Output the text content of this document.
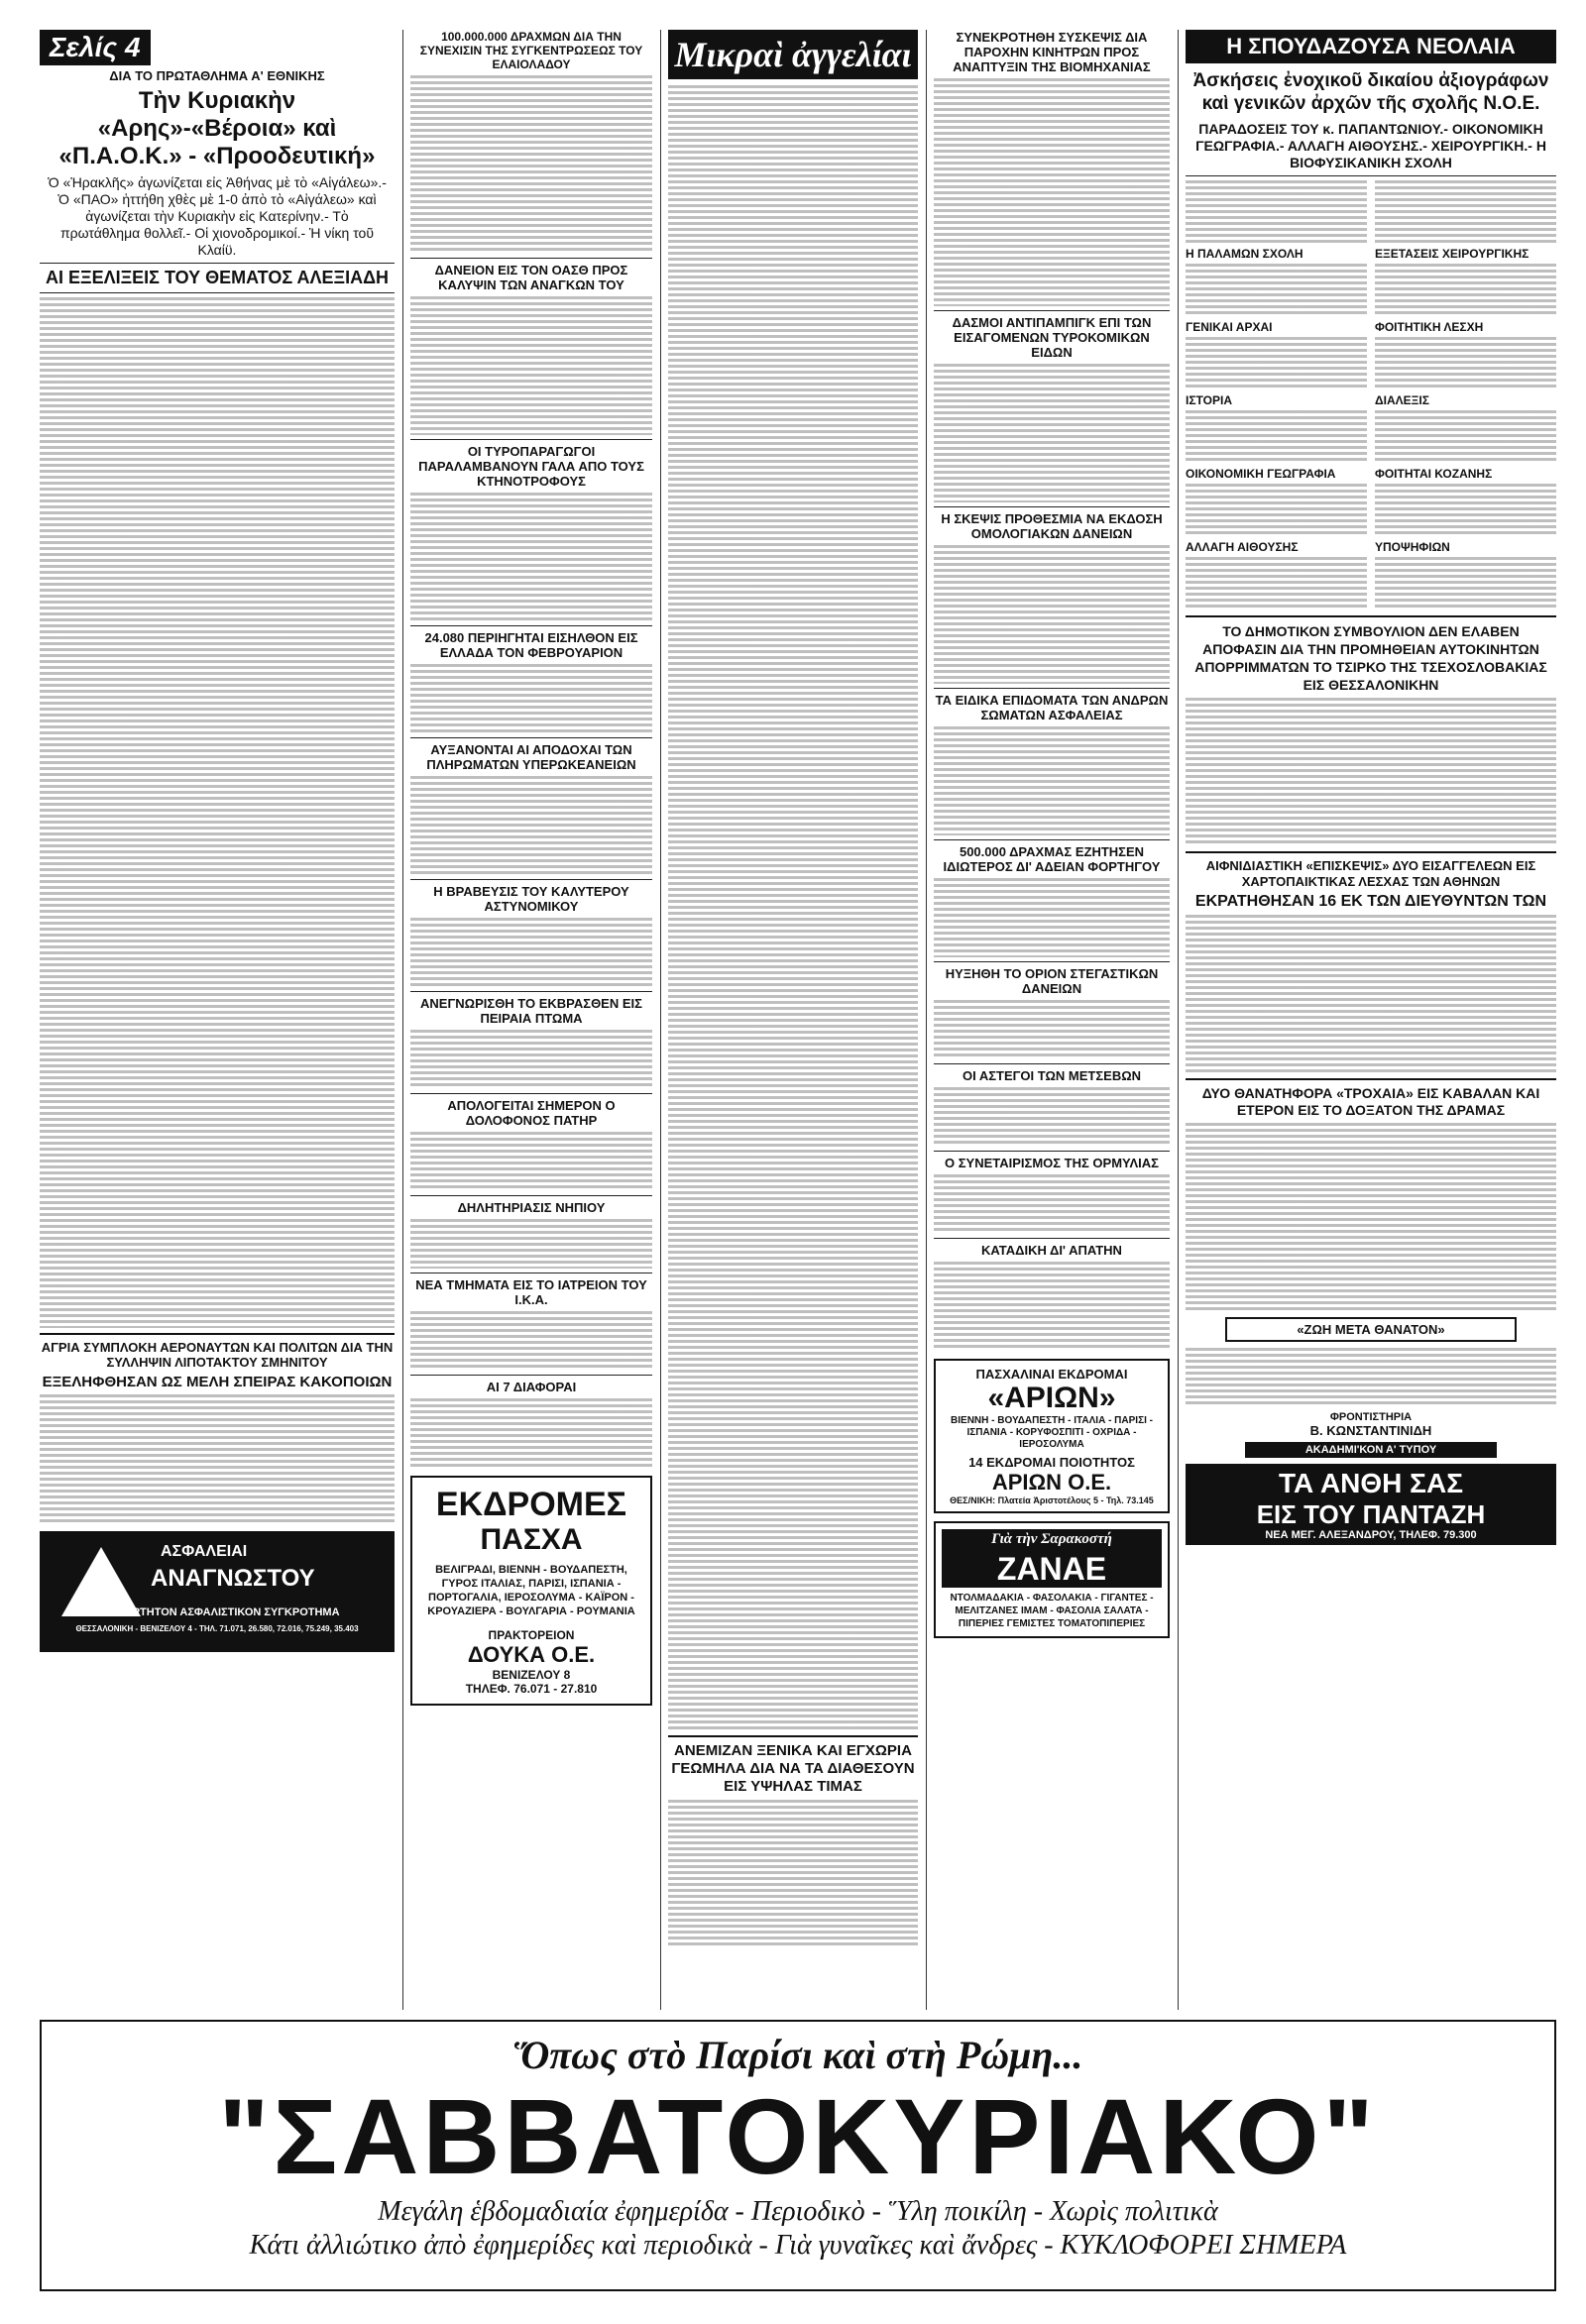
Σελίς 4
ΔΙΑ ΤΟ ΠΡΩΤΑΘΛΗΜΑ Α' ΕΘΝΙΚΗΣ
Τὴν Κυριακὴν «Αρης»-«Βέροια» καὶ «Π.Α.Ο.Κ.» - «Προοδευτική»
Ὁ «Ἡρακλῆς» ἀγωνίζεται εἰς Ἀθήνας μὲ τὸ «Αἰγάλεω».- Ὁ «ΠΑΟ» ἡττήθη χθὲς μὲ 1-0 ἀπὸ τὸ «Αἰγάλεω» καὶ ἀγωνίζεται τὴν Κυριακὴν εἰς Κατερίνην.- Τὸ πρωτάθλημα θολλεῖ.- Οἱ χιονοδρομικοί.- Ἡ νίκη τοῦ Κλαίϋ.
ΑΙ ΕΞΕΛΙΞΕΙΣ ΤΟΥ ΘΕΜΑΤΟΣ ΑΛΕΞΙΑΔΗ
ΑΓΡΙΑ ΣΥΜΠΛΟΚΗ ΑΕΡΟΝΑΥΤΩΝ ΚΑΙ ΠΟΛΙΤΩΝ ΔΙΑ ΤΗΝ ΣΥΛΛΗΨΙΝ ΛΙΠΟΤΑΚΤΟΥ ΣΜΗΝΙΤΟΥ
ΕΞΕΛΗΦΘΗΣΑΝ ΩΣ ΜΕΛΗ ΣΠΕΙΡΑΣ ΚΑΚΟΠΟΙΩΝ
ΑΣΦΑΛΕΙΑΙ
ΑΝΑΓΝΩΣΤΟΥ
ΑΝΕΞΑΡΤΗΤΟΝ ΑΣΦΑΛΙΣΤΙΚΟΝ ΣΥΓΚΡΟΤΗΜΑ
ΘΕΣΣΑΛΟΝΙΚΗ - ΒΕΝΙΖΕΛΟΥ 4 - ΤΗΛ. 71.071, 26.580, 72.016, 75.249, 35.403
100.000.000 ΔΡΑΧΜΩΝ ΔΙΑ ΤΗΝ ΣΥΝΕΧΙΣΙΝ ΤΗΣ ΣΥΓΚΕΝΤΡΩΣΕΩΣ ΤΟΥ ΕΛΑΙΟΛΑΔΟΥ
ΔΑΝΕΙΟΝ ΕΙΣ ΤΟΝ ΟΑΣΘ ΠΡΟΣ ΚΑΛΥΨΙΝ ΤΩΝ ΑΝΑΓΚΩΝ ΤΟΥ
ΟΙ ΤΥΡΟΠΑΡΑΓΩΓΟΙ ΠΑΡΑΛΑΜΒΑΝΟΥΝ ΓΑΛΑ ΑΠΟ ΤΟΥΣ ΚΤΗΝΟΤΡΟΦΟΥΣ
24.080 ΠΕΡΙΗΓΗΤΑΙ ΕΙΣΗΛΘΟΝ ΕΙΣ ΕΛΛΑΔΑ ΤΟΝ ΦΕΒΡΟΥΑΡΙΟΝ
ΑΥΞΑΝΟΝΤΑΙ ΑΙ ΑΠΟΔΟΧΑΙ ΤΩΝ ΠΛΗΡΩΜΑΤΩΝ ΥΠΕΡΩΚΕΑΝΕΙΩΝ
Η ΒΡΑΒΕΥΣΙΣ ΤΟΥ ΚΑΛΥΤΕΡΟΥ ΑΣΤΥΝΟΜΙΚΟΥ
ΑΝΕΓΝΩΡΙΣΘΗ ΤΟ ΕΚΒΡΑΣΘΕΝ ΕΙΣ ΠΕΙΡΑΙΑ ΠΤΩΜΑ
ΑΠΟΛΟΓΕΙΤΑΙ ΣΗΜΕΡΟΝ Ο ΔΟΛΟΦΟΝΟΣ ΠΑΤΗΡ
ΔΗΛΗΤΗΡΙΑΣΙΣ ΝΗΠΙΟΥ
ΝΕΑ ΤΜΗΜΑΤΑ ΕΙΣ ΤΟ ΙΑΤΡΕΙΟΝ ΤΟΥ Ι.Κ.Α.
ΑΙ 7 ΔΙΑΦΟΡΑΙ
ΕΚΔΡΟΜΕΣ
ΠΑΣΧΑ
ΒΕΛΙΓΡΑΔΙ, ΒΙΕΝΝΗ - ΒΟΥΔΑΠΕΣΤΗ, ΓΥΡΟΣ ΙΤΑΛΙΑΣ, ΠΑΡΙΣΙ, ΙΣΠΑΝΙΑ - ΠΟΡΤΟΓΑΛΙΑ, ΙΕΡΟΣΟΛΥΜΑ - ΚΑΪΡΟΝ - ΚΡΟΥΑΖΙΕΡΑ - ΒΟΥΛΓΑΡΙΑ - ΡΟΥΜΑΝΙΑ
ΠΡΑΚΤΟΡΕΙΟΝ
ΔΟΥΚΑ Ο.Ε.
ΒΕΝΙΖΕΛΟΥ 8
ΤΗΛΕΦ. 76.071 - 27.810
Μικραὶ ἀγγελίαι
ΑΝΕΜΙΖΑΝ ΞΕΝΙΚΑ ΚΑΙ ΕΓΧΩΡΙΑ ΓΕΩΜΗΛΑ ΔΙΑ ΝΑ ΤΑ ΔΙΑΘΕΣΟΥΝ ΕΙΣ ΥΨΗΛΑΣ ΤΙΜΑΣ
ΣΥΝΕΚΡΟΤΗΘΗ ΣΥΣΚΕΨΙΣ ΔΙΑ ΠΑΡΟΧΗΝ ΚΙΝΗΤΡΩΝ ΠΡΟΣ ΑΝΑΠΤΥΞΙΝ ΤΗΣ ΒΙΟΜΗΧΑΝΙΑΣ
ΔΑΣΜΟΙ ΑΝΤΙΠΑΜΠΙΓΚ ΕΠΙ ΤΩΝ ΕΙΣΑΓΟΜΕΝΩΝ ΤΥΡΟΚΟΜΙΚΩΝ ΕΙΔΩΝ
Η ΣΚΕΨΙΣ ΠΡΟΘΕΣΜΙΑ ΝΑ ΕΚΔΟΣΗ ΟΜΟΛΟΓΙΑΚΩΝ ΔΑΝΕΙΩΝ
ΤΑ ΕΙΔΙΚΑ ΕΠΙΔΟΜΑΤΑ ΤΩΝ ΑΝΔΡΩΝ ΣΩΜΑΤΩΝ ΑΣΦΑΛΕΙΑΣ
500.000 ΔΡΑΧΜΑΣ ΕΖΗΤΗΣΕΝ ΙΔΙΩΤΕΡΟΣ ΔΙ' ΑΔΕΙΑΝ ΦΟΡΤΗΓΟΥ
ΗΥΞΗΘΗ ΤΟ ΟΡΙΟΝ ΣΤΕΓΑΣΤΙΚΩΝ ΔΑΝΕΙΩΝ
ΟΙ ΑΣΤΕΓΟΙ ΤΩΝ ΜΕΤΣΕΒΩΝ
Ο ΣΥΝΕΤΑΙΡΙΣΜΟΣ ΤΗΣ ΟΡΜΥΛΙΑΣ
ΚΑΤΑΔΙΚΗ ΔΙ' ΑΠΑΤΗΝ
ΠΑΣΧΑΛΙΝΑΙ ΕΚΔΡΟΜΑΙ
«ΑΡΙΩΝ»
ΒΙΕΝΝΗ - ΒΟΥΔΑΠΕΣΤΗ - ΙΤΑΛΙΑ - ΠΑΡΙΣΙ - ΙΣΠΑΝΙΑ - ΚΟΡΥΦΟΣΠΙΤΙ - ΟΧΡΙΔΑ - ΙΕΡΟΣΟΛΥΜΑ
14 ΕΚΔΡΟΜΑΙ ΠΟΙΟΤΗΤΟΣ
ΑΡΙΩΝ Ο.Ε.
ΘΕΣ/ΝΙΚΗ: Πλατεία Ἀριστοτέλους 5 - Τηλ. 73.145
Γιὰ τὴν Σαρακοστή
ΖΑΝΑΕ
ΝΤΟΛΜΑΔΑΚΙΑ - ΦΑΣΟΛΑΚΙΑ - ΓΙΓΑΝΤΕΣ - ΜΕΛΙΤΖΑΝΕΣ ΙΜΑΜ - ΦΑΣΟΛΙΑ ΣΑΛΑΤΑ - ΠΙΠΕΡΙΕΣ ΓΕΜΙΣΤΕΣ ΤΟΜΑΤΟΠΙΠΕΡΙΕΣ
Η ΣΠΟΥΔΑΖΟΥΣΑ ΝΕΟΛΑΙΑ
Ἀσκήσεις ἐνοχικοῦ δικαίου ἀξιογράφων καὶ γενικῶν ἀρχῶν τῆς σχολῆς Ν.Ο.Ε.
ΠΑΡΑΔΟΣΕΙΣ ΤΟΥ κ. ΠΑΠΑΝΤΩΝΙΟΥ.- ΟΙΚΟΝΟΜΙΚΗ ΓΕΩΓΡΑΦΙΑ.- ΑΛΛΑΓΗ ΑΙΘΟΥΣΗΣ.- ΧΕΙΡΟΥΡΓΙΚΗ.- Η ΒΙΟΦΥΣΙΚΑΝΙΚΗ ΣΧΟΛΗ
Η ΠΑΛΑΜΩΝ ΣΧΟΛΗ
ΓΕΝΙΚΑΙ ΑΡΧΑΙ
ΙΣΤΟΡΙΑ
ΟΙΚΟΝΟΜΙΚΗ ΓΕΩΓΡΑΦΙΑ
ΑΛΛΑΓΗ ΑΙΘΟΥΣΗΣ
ΕΞΕΤΑΣΕΙΣ ΧΕΙΡΟΥΡΓΙΚΗΣ
ΦΟΙΤΗΤΙΚΗ ΛΕΣΧΗ
ΔΙΑΛΕΞΙΣ
ΦΟΙΤΗΤΑΙ ΚΟΖΑΝΗΣ
ΥΠΟΨΗΦΙΩΝ
ΤΟ ΔΗΜΟΤΙΚΟΝ ΣΥΜΒΟΥΛΙΟΝ ΔΕΝ ΕΛΑΒΕΝ ΑΠΟΦΑΣΙΝ ΔΙΑ ΤΗΝ ΠΡΟΜΗΘΕΙΑΝ ΑΥΤΟΚΙΝΗΤΩΝ ΑΠΟΡΡΙΜΜΑΤΩΝ ΤΟ ΤΣΙΡΚΟ ΤΗΣ ΤΣΕΧΟΣΛΟΒΑΚΙΑΣ ΕΙΣ ΘΕΣΣΑΛΟΝΙΚΗΝ
ΑΙΦΝΙΔΙΑΣΤΙΚΗ «ΕΠΙΣΚΕΨΙΣ» ΔΥΟ ΕΙΣΑΓΓΕΛΕΩΝ ΕΙΣ ΧΑΡΤΟΠΑΙΚΤΙΚΑΣ ΛΕΣΧΑΣ ΤΩΝ ΑΘΗΝΩΝ
ΕΚΡΑΤΗΘΗΣΑΝ 16 ΕΚ ΤΩΝ ΔΙΕΥΘΥΝΤΩΝ ΤΩΝ
ΔΥΟ ΘΑΝΑΤΗΦΟΡΑ «ΤΡΟΧΑΙΑ» ΕΙΣ ΚΑΒΑΛΑΝ ΚΑΙ ΕΤΕΡΟΝ ΕΙΣ ΤΟ ΔΟΞΑΤΟΝ ΤΗΣ ΔΡΑΜΑΣ
«ΖΩΗ ΜΕΤΑ ΘΑΝΑΤΟΝ»
ΦΡΟΝΤΙΣΤΗΡΙΑ
Β. ΚΩΝΣΤΑΝΤΙΝΙΔΗ
ΑΚΑΔΗΜΙ'ΚΟΝ Α' ΤΥΠΟΥ
ΤΑ ΑΝΘΗ ΣΑΣ
ΕΙΣ ΤΟΥ ΠΑΝΤΑΖΗ
ΝΕΑ ΜΕΓ. ΑΛΕΞΑΝΔΡΟΥ, ΤΗΛΕΦ. 79.300
Ὅπως στὸ Παρίσι καὶ στὴ Ρώμη...
"ΣΑΒΒΑΤΟΚΥΡΙΑΚΟ"
Μεγάλη ἑβδομαδιαία ἐφημερίδα - Περιοδικὸ - Ὕλη ποικίλη - Χωρὶς πολιτικὰ
Κάτι ἀλλιώτικο ἀπὸ ἐφημερίδες καὶ περιοδικὰ - Γιὰ γυναῖκες καὶ ἄνδρες - ΚΥΚΛΟΦΟΡΕΙ ΣΗΜΕΡΑ
